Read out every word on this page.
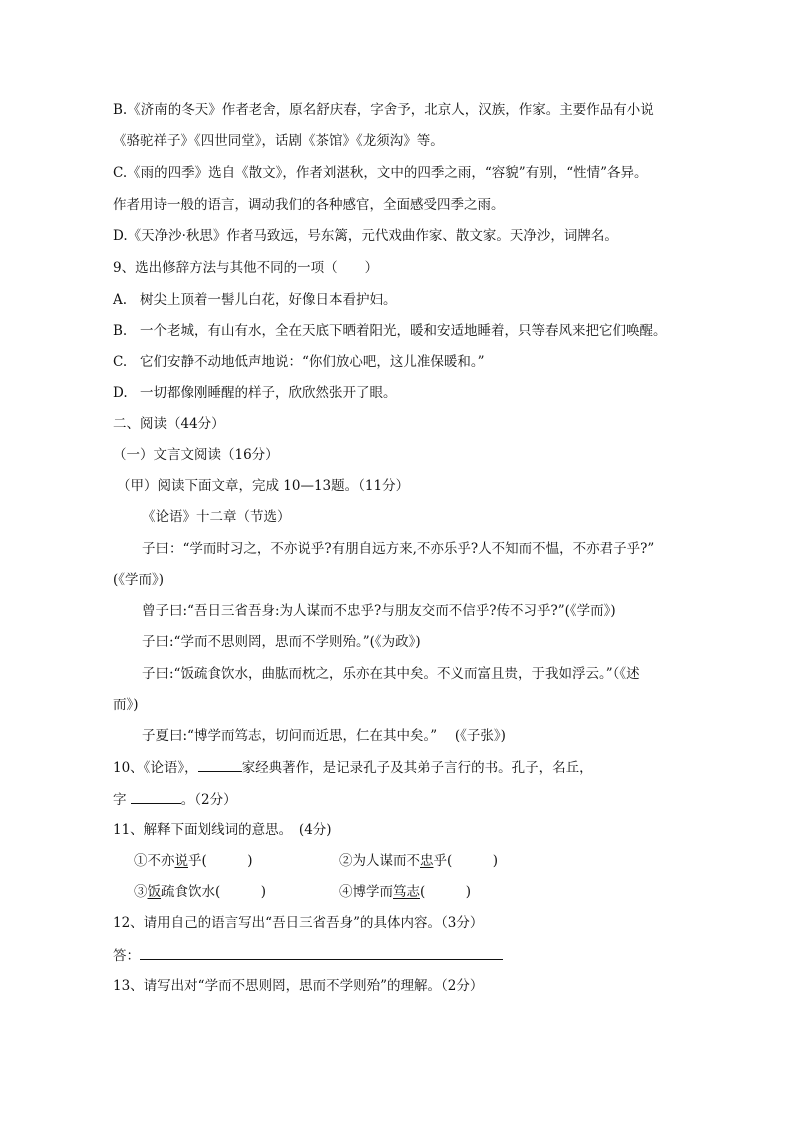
B.《济南的冬天》作者老舍，原名舒庆春，字舍予，北京人，汉族，作家。主要作品有小说
《骆驼祥子》《四世同堂》，话剧《茶馆》《龙须沟》等。
C.《雨的四季》选自《散文》，作者刘湛秋，文中的四季之雨，“容貌”有别，“性情”各异。
作者用诗一般的语言，调动我们的各种感官，全面感受四季之雨。
D.《天净沙·秋思》作者马致远，号东篱，元代戏曲作家、散文家。天净沙，词牌名。
9、选出修辞方法与其他不同的一项（　　）
A. 树尖上顶着一髻儿白花，好像日本看护妇。
B. 一个老城，有山有水，全在天底下晒着阳光，暖和安适地睡着，只等春风来把它们唤醒。
C. 它们安静不动地低声地说：“你们放心吧，这儿准保暖和。”
D. 一切都像刚睡醒的样子，欣欣然张开了眼。
二、阅读（44分）
（一）文言文阅读（16分）
（甲）阅读下面文章，完成 10—13题。（11分）
《论语》十二章（节选）
子曰：“学而时习之，不亦说乎?有朋自远方来,不亦乐乎?人不知而不愠，不亦君子乎?”
(《学而》)
曾子曰:“吾日三省吾身:为人谋而不忠乎?与朋友交而不信乎?传不习乎?”(《学而》)
子曰:“学而不思则罔，思而不学则殆。”(《为政》)
子曰:“饭疏食饮水，曲肱而枕之，乐亦在其中矣。不义而富且贵，于我如浮云。”（《述
而》)
子夏曰:“博学而笃志，切问而近思，仁在其中矣。”　 (《子张》)
10、《论语》，	家经典著作，是记录孔子及其弟子言行的书。孔子，名丘，
字	。（2分）
11、解释下面划线词的意思。　(4分)
①不亦说乎(　　　)	②为人谋而不忠乎(　　　)
③饭疏食饮水(　　　)	④博学而笃志(　　　)
12、请用自己的语言写出“吾日三省吾身”的具体内容。（3分）
答：
13、请写出对“学而不思则罔，思而不学则殆”的理解。（2分）
